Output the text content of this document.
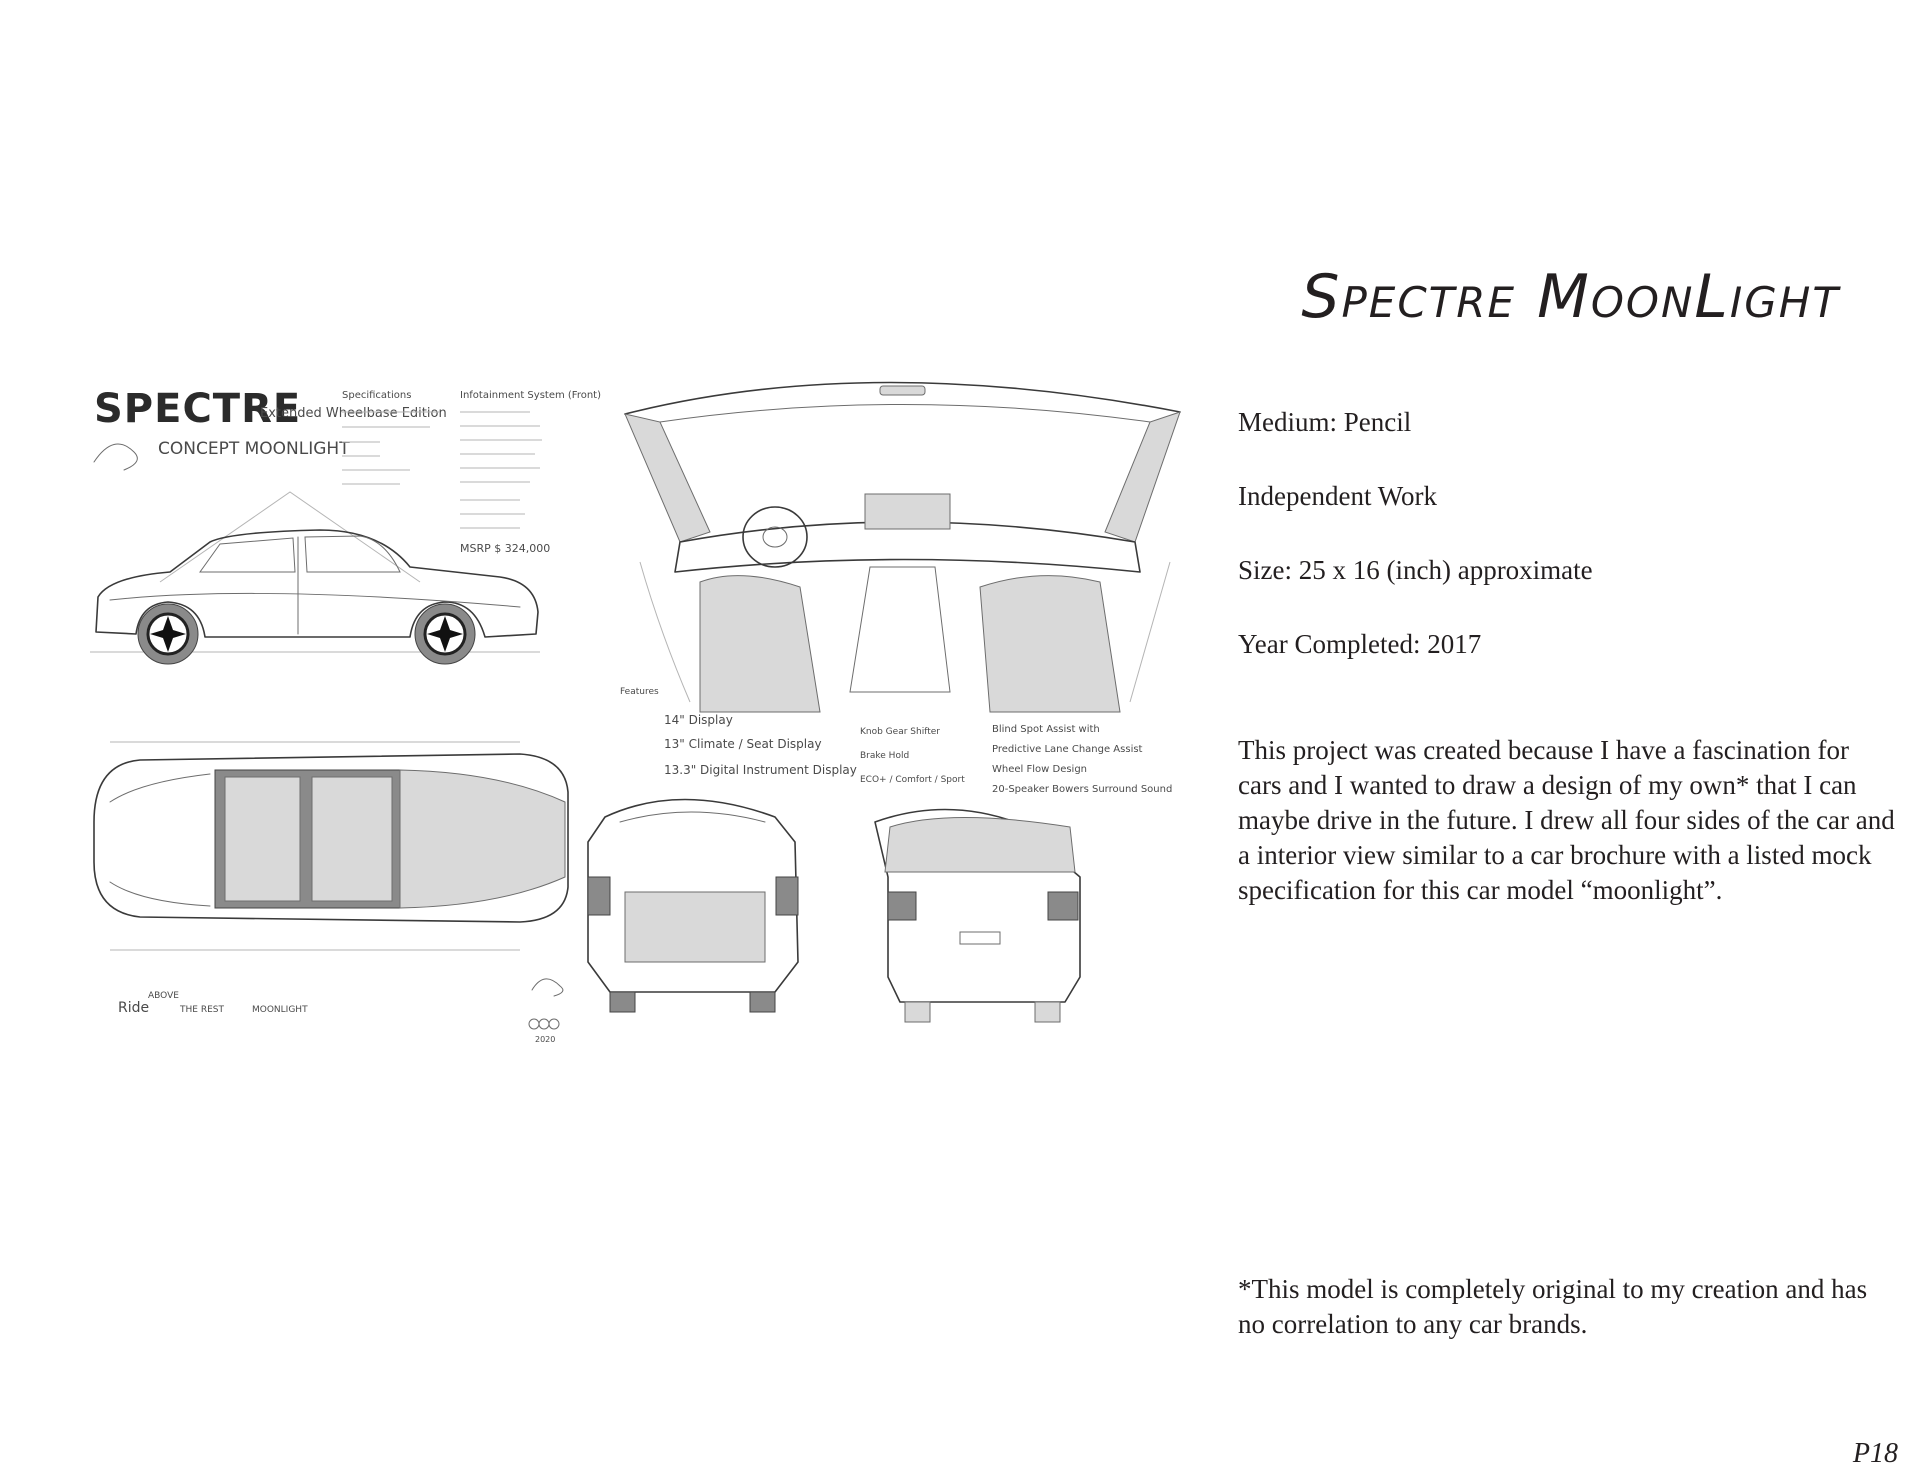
SPECTRE
Extended Wheelbase Edition
CONCEPT MOONLIGHT
Specifications	Infotainment System (Front)
MSRP $ 324,000
Features
14" Display
13" Climate / Seat Display
13.3" Digital Instrument Display
Knob Gear Shifter
Brake Hold
ECO+ / Comfort / Sport
Blind Spot Assist with
Predictive Lane Change Assist
Wheel Flow Design
20-Speaker Bowers Surround Sound
Ride
ABOVE
THE REST	MOONLIGHT
2020
Spectre MoonLight

Medium: Pencil

Independent Work

Size: 25 x 16 (inch) approximate

Year Completed: 2017

This project was created because I have a fascination for cars and I wanted to draw a design of my own* that I can maybe drive in the future. I drew all four sides of the car and a interior view similar to a car brochure with a listed mock specification for this car model “moonlight”.

*This model is completely original to my creation and has no correlation to any car brands.

P18
